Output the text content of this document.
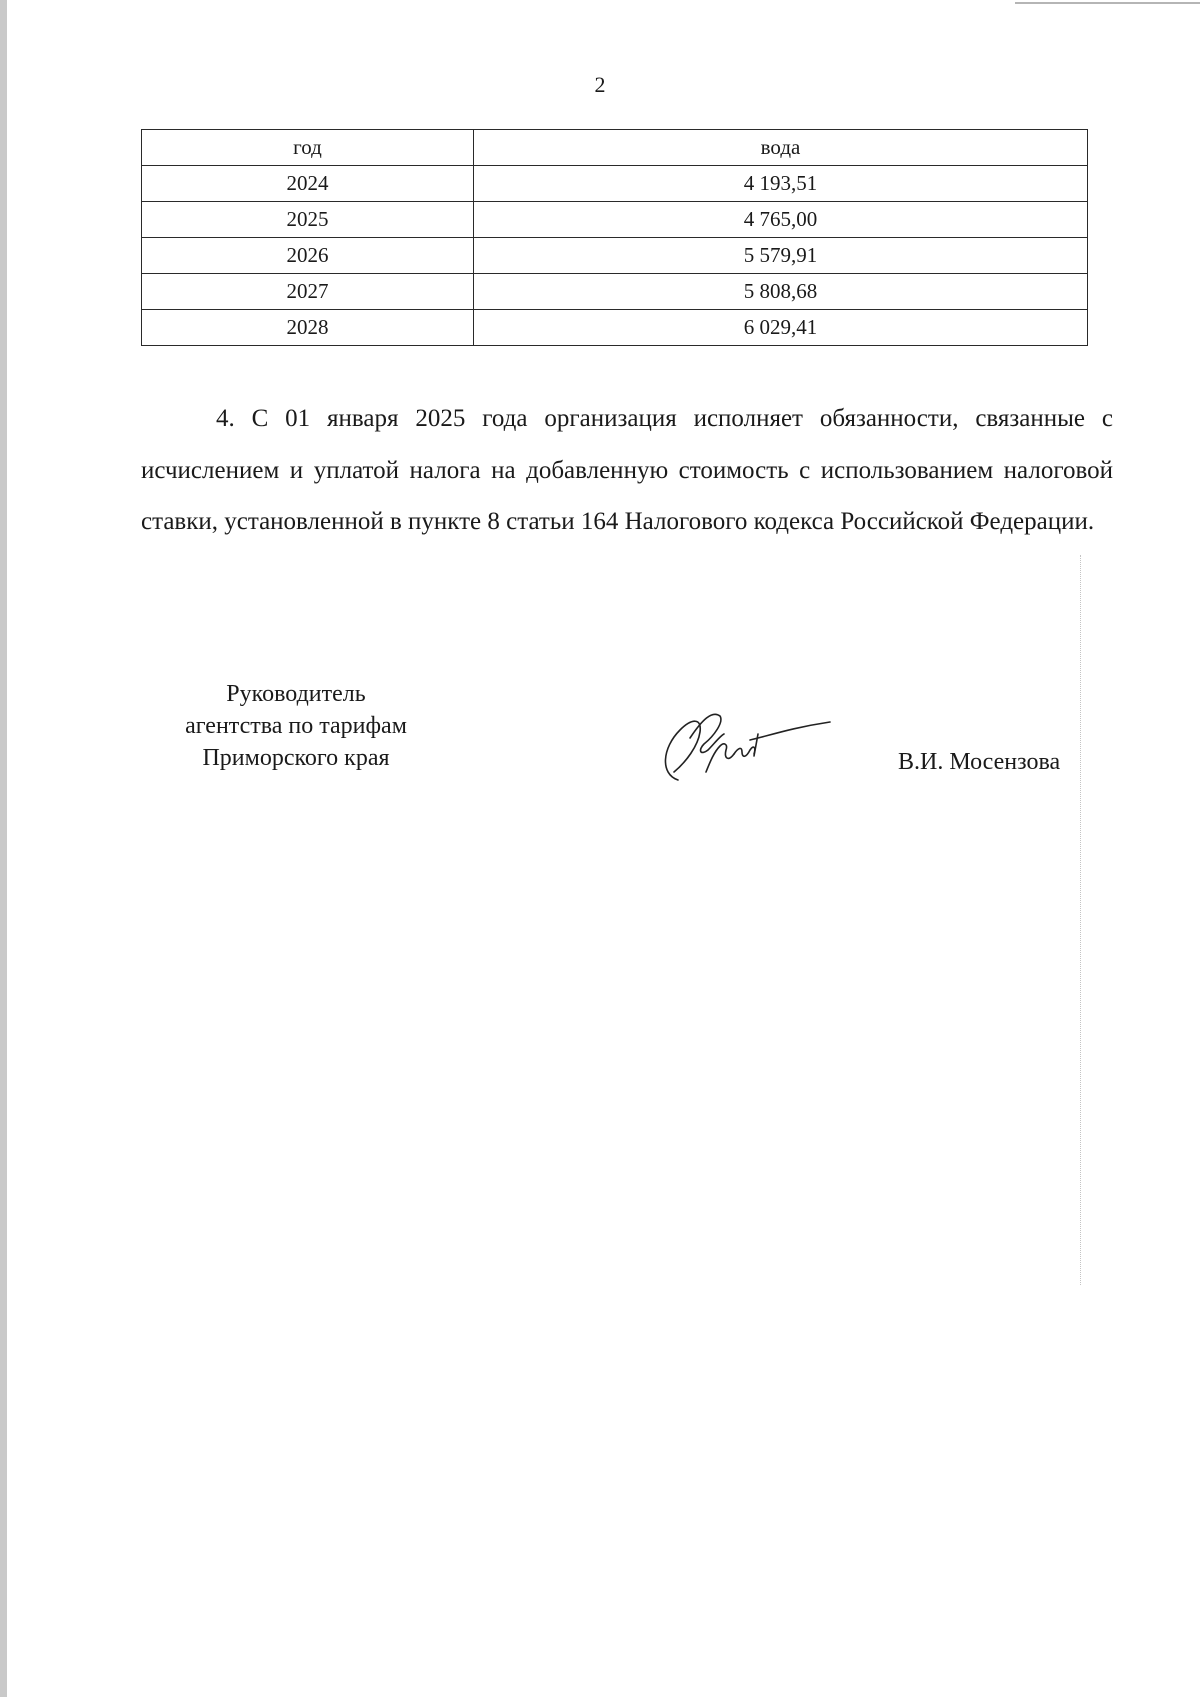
2
год	вода
2024	4 193,51
2025	4 765,00
2026	5 579,91
2027	5 808,68
2028	6 029,41

4. С 01 января 2025 года организация исполняет обязанности, связанные с исчислением и уплатой налога на добавленную стоимость с использованием налоговой ставки, установленной в пункте 8 статьи 164 Налогового кодекса Российской Федерации.

Руководитель
агентства по тарифам
Приморского края	В.И. Мосензова
